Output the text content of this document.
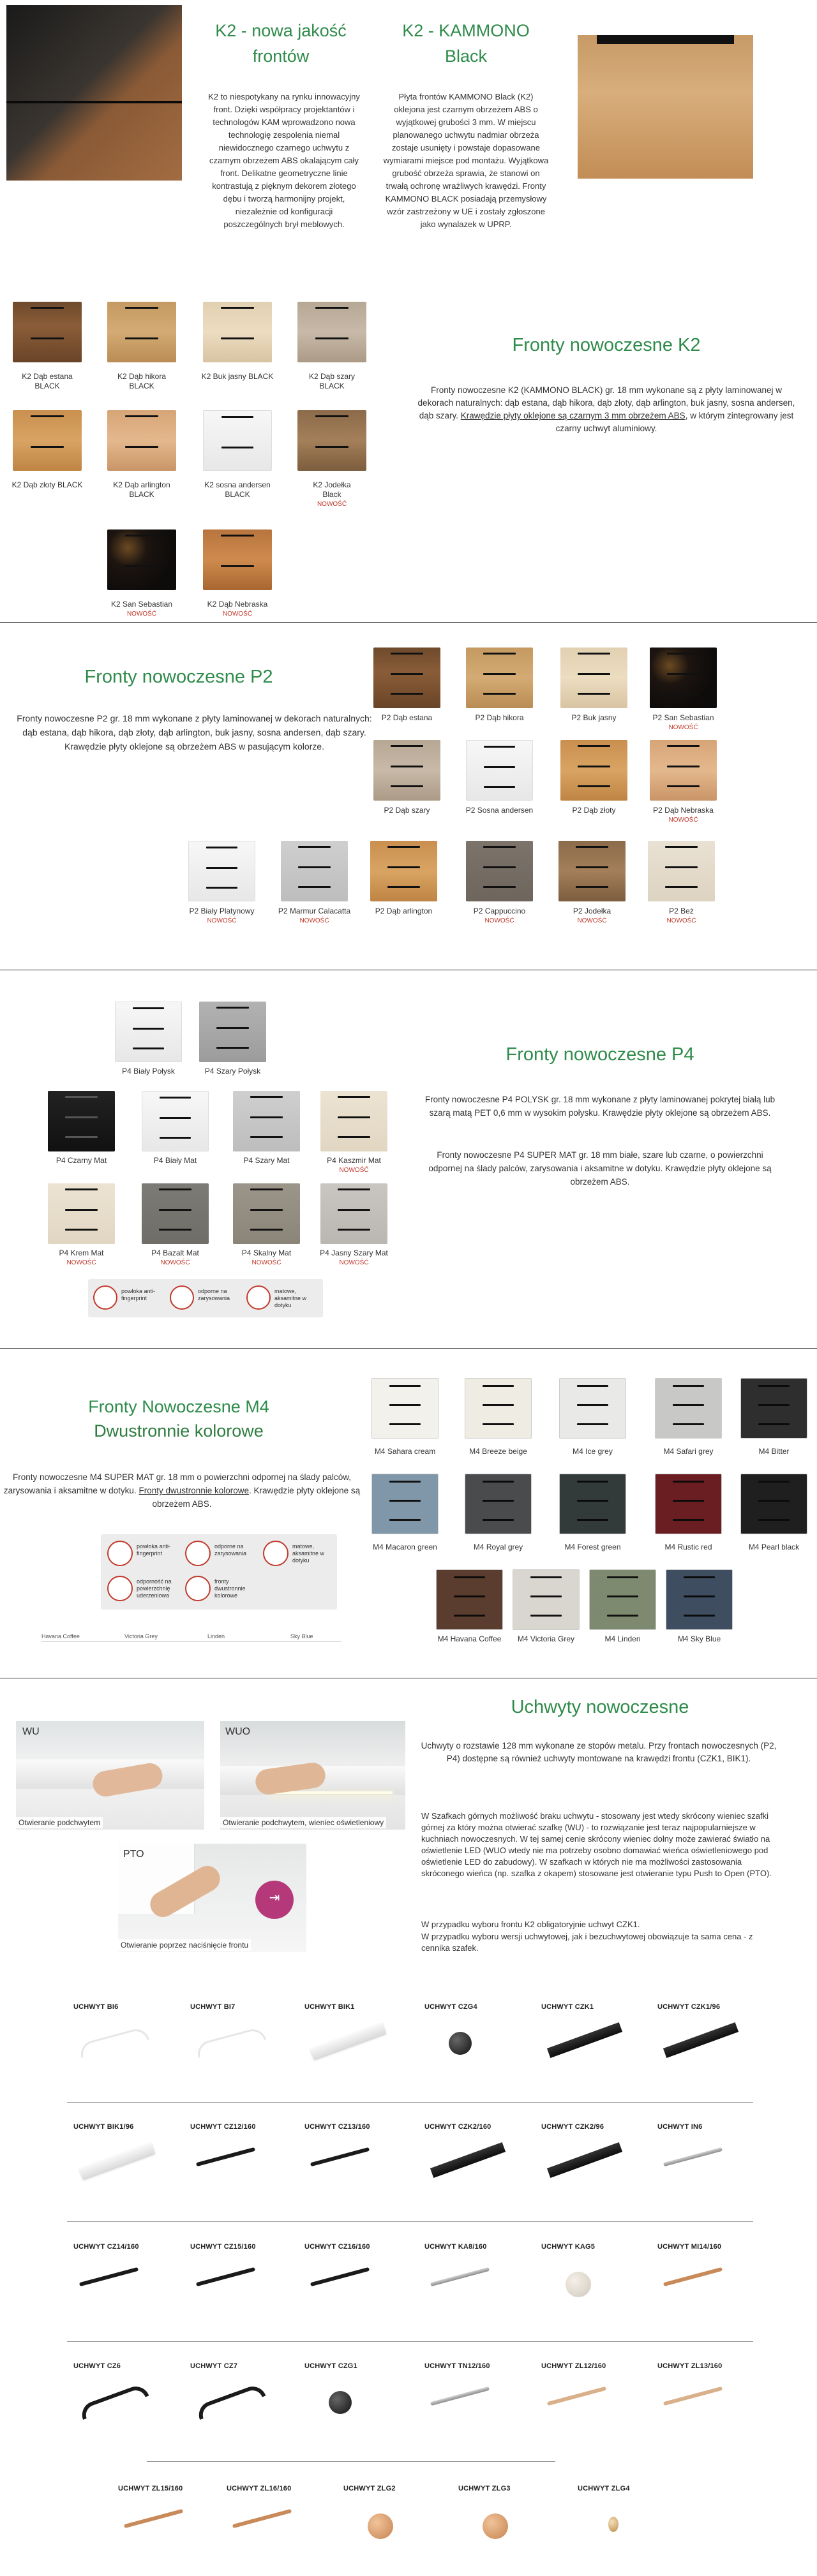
K2 - nowa jakość frontów
K2 to niespotykany na rynku innowacyjny front. Dzięki współpracy projektantów i technologów KAM wprowadzono nowa technologię zespolenia niemal niewidocznego czarnego uchwytu z czarnym obrzeżem ABS okalającym cały front. Delikatne geometryczne linie kontrastują z pięknym dekorem złotego dębu i tworzą harmonijny projekt, niezależnie od konfiguracji poszczególnych brył meblowych.
K2 - KAMMONO Black
Płyta frontów KAMMONO Black (K2) oklejona jest czarnym obrzeżem ABS o wyjątkowej grubości 3 mm. W miejscu planowanego uchwytu nadmiar obrzeża zostaje usunięty i powstaje dopasowane wymiarami miejsce pod montażu. Wyjątkowa grubość obrzeża sprawia, że stanowi on trwałą ochronę wrażliwych krawędzi. Fronty KAMMONO BLACK posiadają przemysłowy wzór zastrzeżony w UE i zostały zgłoszone jako wynalazek w UPRP.
K2 Dąb estana
BLACK
K2 Dąb hikora
BLACK
K2 Buk jasny BLACK	K2 Dąb szary
BLACK
K2 Dąb złoty BLACK	K2 Dąb arlington
BLACK
K2 sosna andersen
BLACK
K2 Jodełka
Black
NOWOŚĆ
K2 San Sebastian
NOWOŚĆ
K2 Dąb Nebraska
NOWOŚĆ
Fronty nowoczesne K2
Fronty nowoczesne K2 (KAMMONO BLACK) gr. 18 mm wykonane są z płyty laminowanej w dekorach naturalnych: dąb estana, dąb hikora, dąb złoty, dąb arlington, buk jasny, sosna andersen, dąb szary. Krawędzie płyty oklejone są czarnym 3 mm obrzeżem ABS, w którym zintegrowany jest czarny uchwyt aluminiowy.
Fronty nowoczesne P2
Fronty nowoczesne P2 gr. 18 mm wykonane z płyty laminowanej w dekorach naturalnych: dąb estana, dąb hikora, dąb złoty, dąb arlington, buk jasny, sosna andersen, dąb szary. Krawędzie płyty oklejone są obrzeżem ABS w pasującym kolorze.
P2 Dąb estana	P2 Dąb hikora	P2 Buk jasny	P2 San Sebastian
NOWOŚĆ
P2 Dąb szary	P2 Sosna andersen	P2 Dąb złoty	P2 Dąb Nebraska
NOWOŚĆ
P2 Biały Platynowy
NOWOŚĆ
P2 Marmur Calacatta
NOWOŚĆ
P2 Dąb arlington	P2 Cappuccino
NOWOŚĆ
P2 Jodełka
NOWOŚĆ
P2 Beż
NOWOŚĆ
P4 Biały Połysk	P4 Szary Połysk
P4 Czarny Mat	P4 Biały Mat	P4 Szary Mat	P4 Kaszmir Mat
NOWOŚĆ
P4 Krem Mat
NOWOŚĆ
P4 Bazalt Mat
NOWOŚĆ
P4 Skalny Mat
NOWOŚĆ
P4 Jasny Szary Mat
NOWOŚĆ
Fronty nowoczesne P4
Fronty nowoczesne P4 POLYSK gr. 18 mm wykonane z płyty laminowanej pokrytej białą lub szarą matą PET 0,6 mm w wysokim połysku. Krawędzie płyty oklejone są obrzeżem ABS.
Fronty nowoczesne P4 SUPER MAT gr. 18 mm białe, szare lub czarne, o powierzchni odpornej na ślady palców, zarysowania i aksamitne w dotyku. Krawędzie płyty oklejone są obrzeżem ABS.
powłoka anti-fingerprint
odporne na zarysowania
matowe, aksamitne w dotyku
Fronty Nowoczesne M4
Dwustronnie kolorowe
Fronty nowoczesne M4 SUPER MAT gr. 18 mm o powierzchni odpornej na ślady palców, zarysowania i aksamitne w dotyku. Fronty dwustronnie kolorowe. Krawędzie płyty oklejone są obrzeżem ABS.
powłoka anti-fingerprint
odporne na zarysowania
matowe, aksamitne w dotyku
odporność na powierzchnię uderzeniowa
fronty dwustronnie kolorowe
Havana Coffee	Victoria Grey	Linden	Sky Blue
M4 Sahara cream	M4 Breeze beige	M4 Ice grey	M4 Safari grey	M4 Bitter
M4 Macaron green	M4 Royal grey	M4 Forest green	M4 Rustic red	M4 Pearl black
M4 Havana Coffee	M4 Victoria Grey	M4 Linden	M4 Sky Blue
WU
Otwieranie podchwytem
WUO
Otwieranie podchwytem, wieniec oświetleniowy
⇥
PTO
Otwieranie poprzez naciśnięcie frontu
Uchwyty nowoczesne
Uchwyty o rozstawie 128 mm wykonane ze stopów metalu. Przy frontach nowoczesnych (P2, P4) dostępne są również uchwyty montowane na krawędzi frontu (CZK1, BIK1).
W Szafkach górnych możliwość braku uchwytu - stosowany jest wtedy skrócony wieniec szafki górnej za który można otwierać szafkę (WU) - to rozwiązanie jest teraz najpopularniejsze w kuchniach nowoczesnych. W tej samej cenie skrócony wieniec dolny może zawierać światło na oświetlenie LED (WUO wtedy nie ma potrzeby osobno domawiać wieńca oświetleniowego pod oświetlenie LED do zabudowy). W szafkach w których nie ma możliwości zastosowania skróconego wieńca (np. szafka z okapem) stosowane jest otwieranie typu Push to Open (PTO).
W przypadku wyboru frontu K2 obligatoryjnie uchwyt CZK1.
W przypadku wyboru wersji uchwytowej, jak i bezuchwytowej obowiązuje ta sama cena - z cennika szafek.
UCHWYT BI6	UCHWYT BI7	UCHWYT BIK1	UCHWYT CZG4	UCHWYT CZK1	UCHWYT CZK1/96
UCHWYT BIK1/96	UCHWYT CZ12/160	UCHWYT CZ13/160	UCHWYT CZK2/160	UCHWYT CZK2/96	UCHWYT IN6
UCHWYT CZ14/160	UCHWYT CZ15/160	UCHWYT CZ16/160	UCHWYT KA8/160	UCHWYT KAG5	UCHWYT MI14/160
UCHWYT CZ6	UCHWYT CZ7	UCHWYT CZG1	UCHWYT TN12/160	UCHWYT ZL12/160	UCHWYT ZL13/160
UCHWYT ZL15/160	UCHWYT ZL16/160	UCHWYT ZLG2	UCHWYT ZLG3	UCHWYT ZLG4
